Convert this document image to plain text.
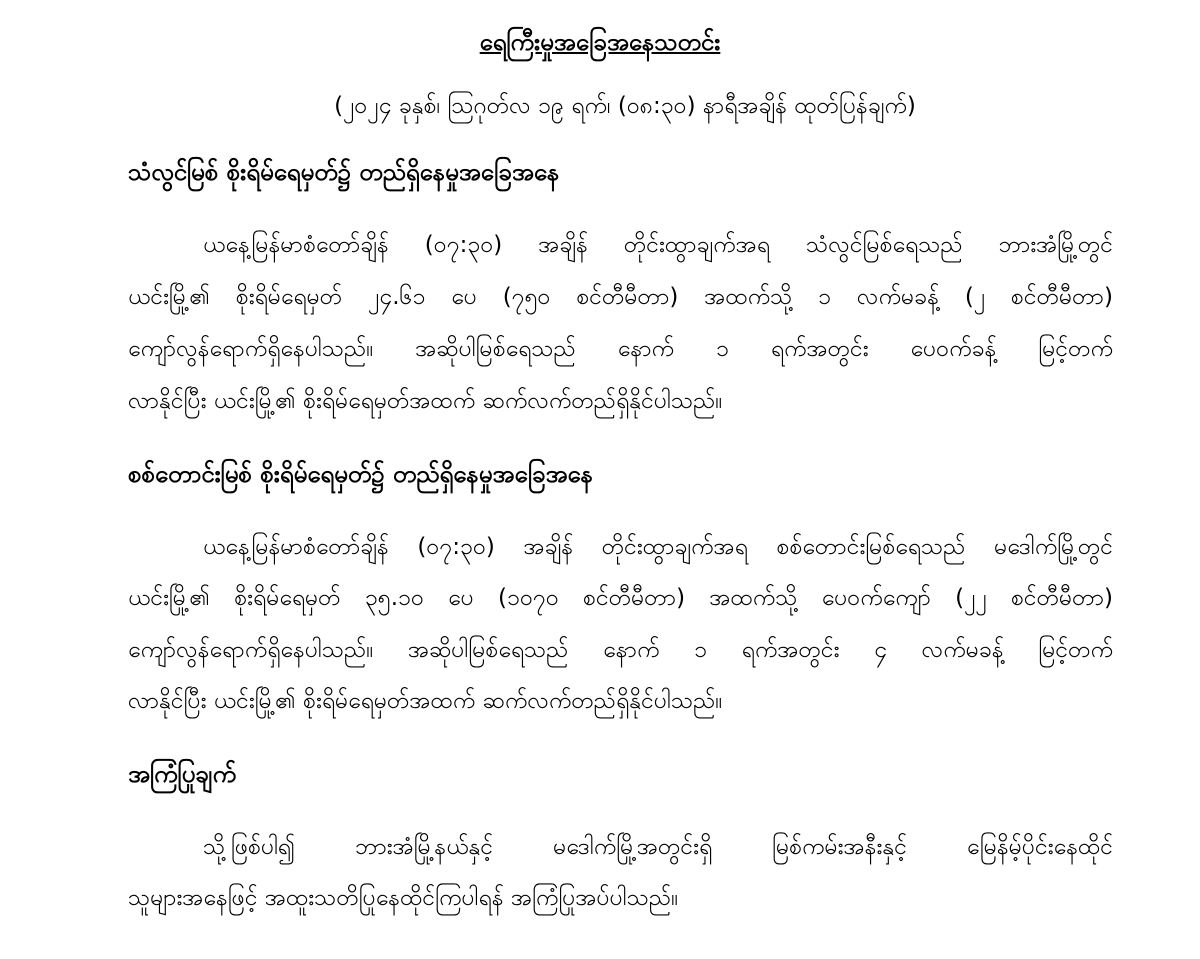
ရေကြီးမှုအခြေအနေသတင်း
(၂၀၂၄ ခုနှစ်၊ ဩဂုတ်လ ၁၉ ရက်၊ (၀၈:၃၀) နာရီအချိန် ထုတ်ပြန်ချက်)
သံလွင်မြစ် စိုးရိမ်ရေမှတ်၌ တည်ရှိနေမှုအခြေအနေ
ယနေ့မြန်မာစံတော်ချိန် (၀၇:၃၀) အချိန် တိုင်းထွာချက်အရ သံလွင်မြစ်ရေသည် ဘားအံမြို့တွင်
ယင်းမြို့၏ စိုးရိမ်ရေမှတ် ၂၄.၆၁ ပေ (၇၅၀ စင်တီမီတာ) အထက်သို့ ၁ လက်မခန့် (၂ စင်တီမီတာ)
ကျော်လွန်ရောက်ရှိနေပါသည်။ အဆိုပါမြစ်ရေသည် နောက် ၁ ရက်အတွင်း ပေ၀က်ခန့် မြင့်တက်
လာနိုင်ပြီး ယင်းမြို့၏ စိုးရိမ်ရေမှတ်အထက် ဆက်လက်တည်ရှိနိုင်ပါသည်။
စစ်တောင်းမြစ် စိုးရိမ်ရေမှတ်၌ တည်ရှိနေမှုအခြေအနေ
ယနေ့မြန်မာစံတော်ချိန် (၀၇:၃၀) အချိန် တိုင်းထွာချက်အရ စစ်တောင်းမြစ်ရေသည် မဒေါက်မြို့တွင်
ယင်းမြို့၏ စိုးရိမ်ရေမှတ် ၃၅.၁၀ ပေ (၁၀၇၀ စင်တီမီတာ) အထက်သို့ ပေ၀က်ကျော် (၂၂ စင်တီမီတာ)
ကျော်လွန်ရောက်ရှိနေပါသည်။ အဆိုပါမြစ်ရေသည် နောက် ၁ ရက်အတွင်း ၄ လက်မခန့် မြင့်တက်
လာနိုင်ပြီး ယင်းမြို့၏ စိုးရိမ်ရေမှတ်အထက် ဆက်လက်တည်ရှိနိုင်ပါသည်။
အကြံပြုချက်
သို့ဖြစ်ပါ၍ ဘားအံမြို့နယ်နှင့် မဒေါက်မြို့အတွင်းရှိ မြစ်ကမ်းအနီးနှင့် မြေနိမ့်ပိုင်းနေထိုင်
သူများအနေဖြင့် အထူးသတိပြုနေထိုင်ကြပါရန် အကြံပြုအပ်ပါသည်။
